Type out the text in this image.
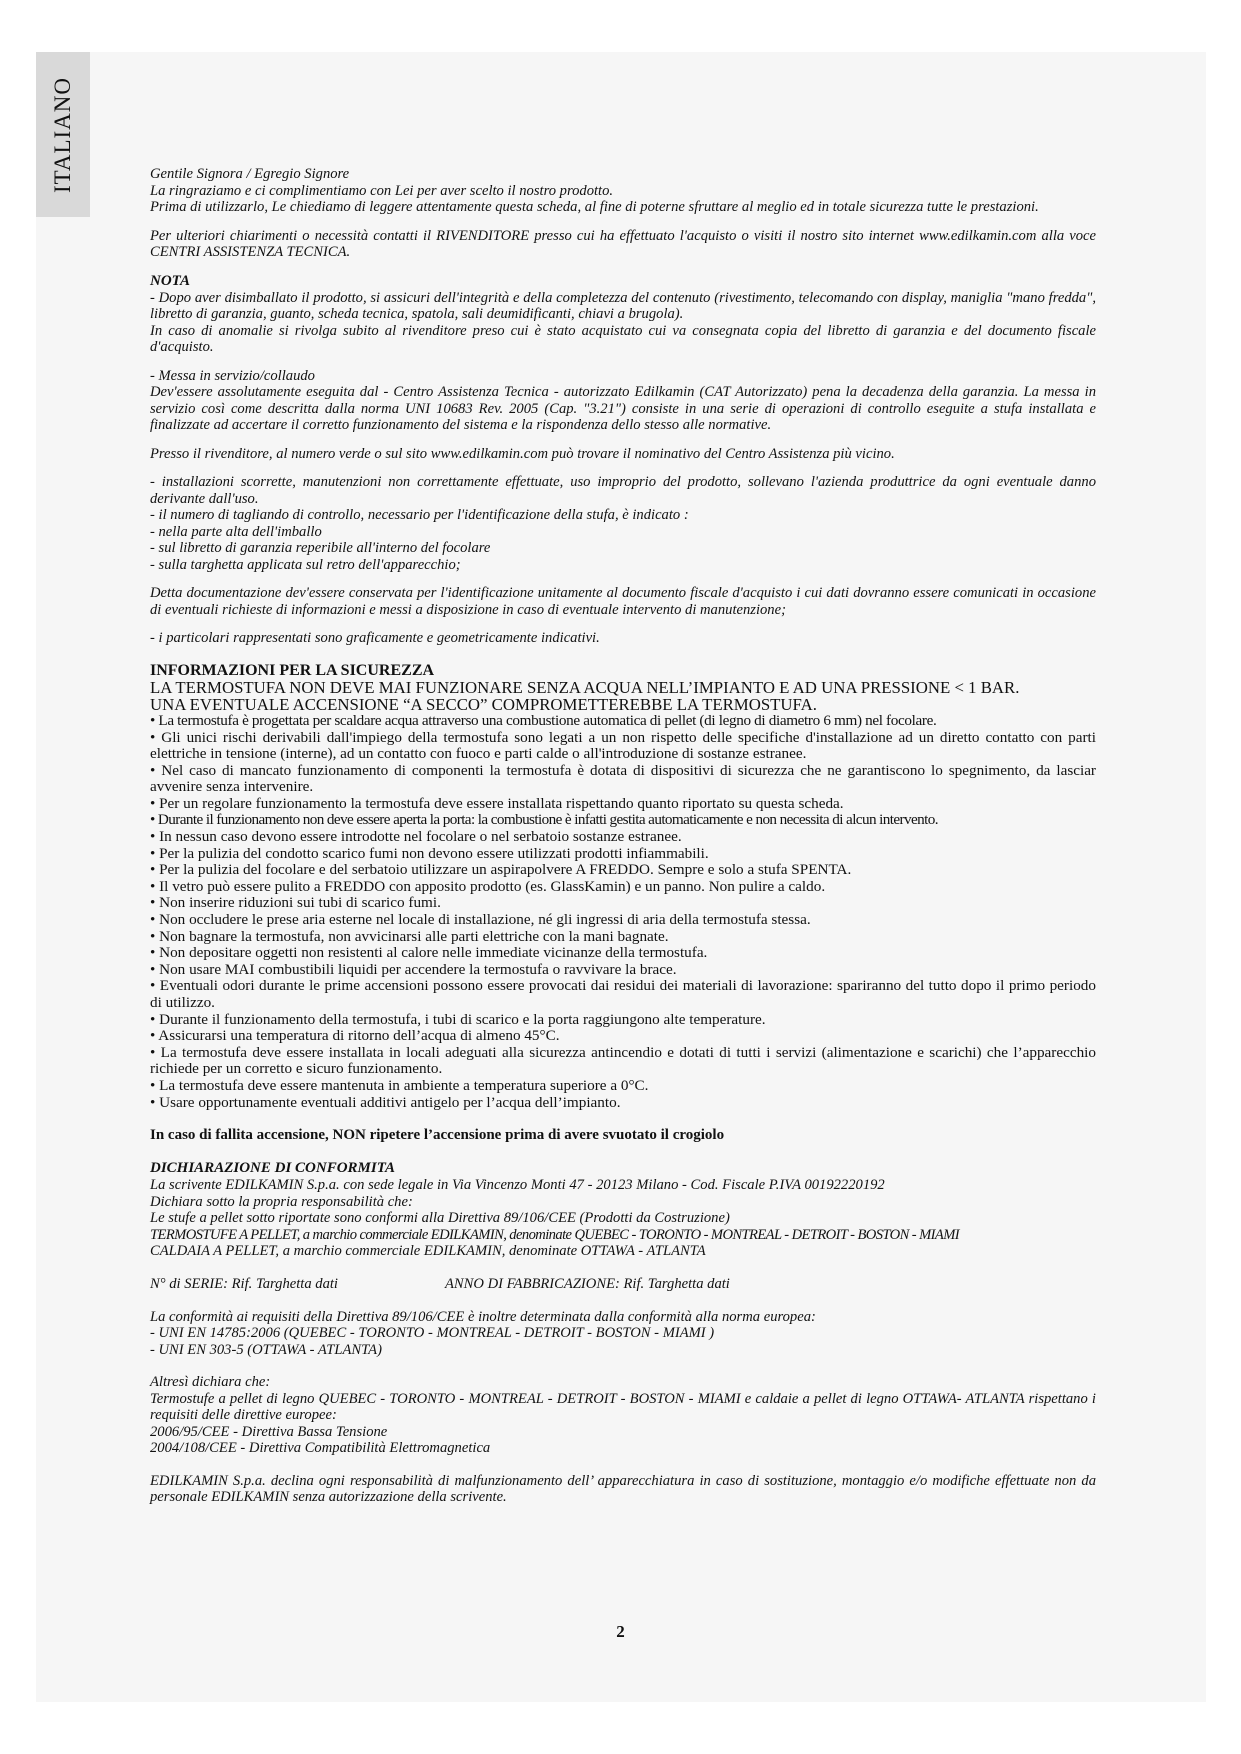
ITALIANO	Gentile Signora / Egregio Signore

La ringraziamo e ci complimentiamo con Lei per aver scelto il nostro prodotto.

Prima di utilizzarlo, Le chiediamo di leggere attentamente questa scheda, al fine di poterne sfruttare al meglio ed in totale sicurezza tutte le prestazioni.

Per ulteriori chiarimenti o necessità contatti il RIVENDITORE presso cui ha effettuato l'acquisto o visiti il nostro sito internet www.edilkamin.com alla voce CENTRI ASSISTENZA TECNICA.

NOTA

- Dopo aver disimballato il prodotto, si assicuri dell'integrità e della completezza del contenuto (rivestimento, telecomando con display, maniglia "mano fredda", libretto di garanzia, guanto, scheda tecnica, spatola, sali deumidificanti, chiavi a brugola).

In caso di anomalie si rivolga subito al rivenditore preso cui è stato acquistato cui va consegnata copia del libretto di garanzia e del documento fiscale d'acquisto.

- Messa in servizio/collaudo

Dev'essere assolutamente eseguita dal - Centro Assistenza Tecnica - autorizzato Edilkamin (CAT Autorizzato) pena la decadenza della garanzia. La messa in servizio così come descritta dalla norma UNI 10683 Rev. 2005 (Cap. "3.21") consiste in una serie di operazioni di controllo eseguite a stufa installata e finalizzate ad accertare il corretto funzionamento del sistema e la rispondenza dello stesso alle normative.

Presso il rivenditore, al numero verde o sul sito www.edilkamin.com può trovare il nominativo del Centro Assistenza più vicino.

- installazioni scorrette, manutenzioni non correttamente effettuate, uso improprio del prodotto, sollevano l'azienda produttrice da ogni eventuale danno derivante dall'uso.

- il numero di tagliando di controllo, necessario per l'identificazione della stufa, è indicato :

- nella parte alta dell'imballo

- sul libretto di garanzia reperibile all'interno del focolare

- sulla targhetta applicata sul retro dell'apparecchio;

Detta documentazione dev'essere conservata per l'identificazione unitamente al documento fiscale d'acquisto i cui dati dovranno essere comunicati in occasione di eventuali richieste di informazioni e messi a disposizione in caso di eventuale intervento di manutenzione;

- i particolari rappresentati sono graficamente e geometricamente indicativi.

INFORMAZIONI PER LA SICUREZZA

LA TERMOSTUFA NON DEVE MAI FUNZIONARE SENZA ACQUA NELL’IMPIANTO E AD UNA PRESSIONE < 1 BAR.

UNA EVENTUALE ACCENSIONE “A SECCO” COMPROMETTEREBBE LA TERMOSTUFA.

• La termostufa è progettata per scaldare acqua attraverso una combustione automatica di pellet (di legno di diametro 6 mm) nel focolare.

• Gli unici rischi derivabili dall'impiego della termostufa sono legati a un non rispetto delle specifiche d'installazione ad un diretto contatto con parti elettriche in tensione (interne), ad un contatto con fuoco e parti calde o all'introduzione di sostanze estranee.

• Nel caso di mancato funzionamento di componenti la termostufa è dotata di dispositivi di sicurezza che ne garantiscono lo spegnimento, da lasciar avvenire senza intervenire.

• Per un regolare funzionamento la termostufa deve essere installata rispettando quanto riportato su questa scheda.

• Durante il funzionamento non deve essere aperta la porta: la combustione è infatti gestita automaticamente e non necessita di alcun intervento.

• In nessun caso devono essere introdotte nel focolare o nel serbatoio sostanze estranee.

• Per la pulizia del condotto scarico fumi non devono essere utilizzati prodotti infiammabili.

• Per la pulizia del focolare e del serbatoio utilizzare un aspirapolvere A FREDDO. Sempre e solo a stufa SPENTA.

• Il vetro può essere pulito a FREDDO con apposito prodotto (es. GlassKamin) e un panno. Non pulire a caldo.

• Non inserire riduzioni sui tubi di scarico fumi.

• Non occludere le prese aria esterne nel locale di installazione, né gli ingressi di aria della termostufa stessa.

• Non bagnare la termostufa, non avvicinarsi alle parti elettriche con la mani bagnate.

• Non depositare oggetti non resistenti al calore nelle immediate vicinanze della termostufa.

• Non usare MAI combustibili liquidi per accendere la termostufa o ravvivare la brace.

• Eventuali odori durante le prime accensioni possono essere provocati dai residui dei materiali di lavorazione: spariranno del tutto dopo il primo periodo di utilizzo.

• Durante il funzionamento della termostufa, i tubi di scarico e la porta raggiungono alte temperature.

• Assicurarsi una temperatura di ritorno dell’acqua di almeno 45°C.

• La termostufa deve essere installata in locali adeguati alla sicurezza antincendio e dotati di tutti i servizi (alimentazione e scarichi) che l’apparecchio richiede per un corretto e sicuro funzionamento.

• La termostufa deve essere mantenuta in ambiente a temperatura superiore a 0°C.

• Usare opportunamente eventuali additivi antigelo per l’acqua dell’impianto.

In caso di fallita accensione, NON ripetere l’accensione prima di avere svuotato il crogiolo

DICHIARAZIONE DI CONFORMITA

La scrivente EDILKAMIN S.p.a. con sede legale in Via Vincenzo Monti 47 - 20123 Milano - Cod. Fiscale P.IVA 00192220192

Dichiara sotto la propria responsabilità che:

Le stufe a pellet sotto riportate sono conformi alla Direttiva 89/106/CEE (Prodotti da Costruzione)

TERMOSTUFE A PELLET, a marchio commerciale EDILKAMIN, denominate QUEBEC - TORONTO - MONTREAL - DETROIT - BOSTON - MIAMI

CALDAIA A PELLET, a marchio commerciale EDILKAMIN, denominate OTTAWA - ATLANTA

N° di SERIE: Rif. Targhetta dati	ANNO DI FABBRICAZIONE: Rif. Targhetta dati

La conformità ai requisiti della Direttiva 89/106/CEE è inoltre determinata dalla conformità alla norma europea:

- UNI EN 14785:2006 (QUEBEC - TORONTO - MONTREAL - DETROIT - BOSTON - MIAMI )

- UNI EN 303-5 (OTTAWA - ATLANTA)

Altresì dichiara che:

Termostufe a pellet di legno QUEBEC - TORONTO - MONTREAL - DETROIT - BOSTON - MIAMI e caldaie a pellet di legno OTTAWA- ATLANTA rispettano i requisiti delle direttive europee:

2006/95/CEE - Direttiva Bassa Tensione

2004/108/CEE - Direttiva Compatibilità Elettromagnetica

EDILKAMIN S.p.a. declina ogni responsabilità di malfunzionamento dell’ apparecchiatura in caso di sostituzione, montaggio e/o modifiche effettuate non da personale EDILKAMIN senza autorizzazione della scrivente.

2
